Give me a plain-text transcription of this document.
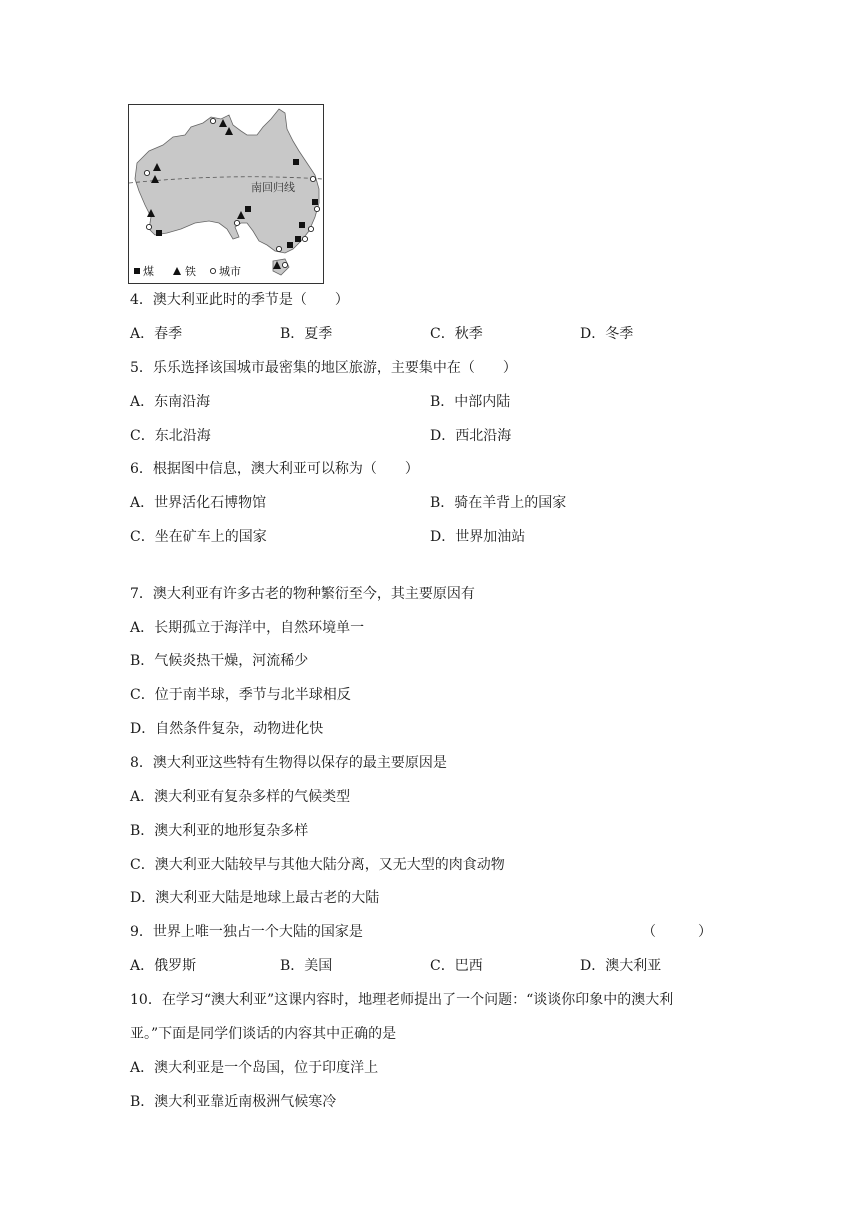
南回归线
煤	铁 城市
4．澳大利亚此时的季节是（　　）
A．春季	B．夏季	C．秋季	D．冬季
5．乐乐选择该国城市最密集的地区旅游，主要集中在（　　）
A．东南沿海	B．中部内陆
C．东北沿海	D．西北沿海
6．根据图中信息，澳大利亚可以称为（　　）
A．世界活化石博物馆	B．骑在羊背上的国家
C．坐在矿车上的国家	D．世界加油站
7．澳大利亚有许多古老的物种繁衍至今，其主要原因有
A．长期孤立于海洋中，自然环境单一
B．气候炎热干燥，河流稀少
C．位于南半球，季节与北半球相反
D．自然条件复杂，动物进化快
8．澳大利亚这些特有生物得以保存的最主要原因是
A．澳大利亚有复杂多样的气候类型
B．澳大利亚的地形复杂多样
C．澳大利亚大陆较早与其他大陆分离，又无大型的肉食动物
D．澳大利亚大陆是地球上最古老的大陆
9．世界上唯一独占一个大陆的国家是	（　　　）
A．俄罗斯	B．美国	C．巴西	D．澳大利亚
10．在学习“澳大利亚”这课内容时，地理老师提出了一个问题：“谈谈你印象中的澳大利
亚。”下面是同学们谈话的内容其中正确的是
A．澳大利亚是一个岛国，位于印度洋上
B．澳大利亚靠近南极洲气候寒冷
